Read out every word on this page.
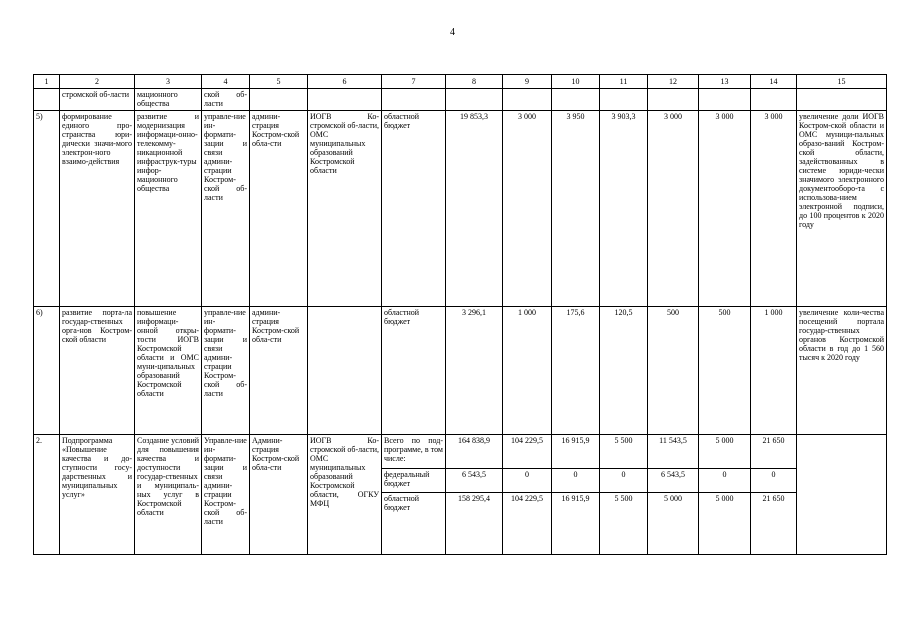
4
1	2	3	4	5	6	7	8	9	10	11	12	13	14	15
	стромской об-ласти	мационного общества	ской об-ласти											
5)	формирование единого про-странства юри-дически значи-мого электрон-ного взаимо-действия	развитие и модернизация информаци-онно-телекомму-никационной инфраструк-туры инфор-мационного общества	управле-ние ин-формати-зации и связи админи-страции Костром-ской об-ласти	админи-страция Костром-ской обла-сти	ИОГВ Ко-стромской об-ласти, ОМС муниципальных образований Костромской области	областной бюджет	19 853,3	3 000	3 950	3 903,3	3 000	3 000	3 000	увеличение доли ИОГВ Костром-ской области и ОМС муници-пальных образо-ваний Костром-ской области, задействованных в системе юриди-чески значимого электронного документооборо-та с использова-нием электронной подписи, до 100 процентов к 2020 году
6)	развитие порта-ла государ-ственных орга-нов Костром-ской области	повышение информаци-онной откры-тости ИОГВ Костромской области и ОМС муни-ципальных образований Костромской области	управле-ние ин-формати-зации и связи админи-страции Костром-ской об-ласти	админи-страция Костром-ской обла-сти		областной бюджет	3 296,1	1 000	175,6	120,5	500	500	1 000	увеличение коли-чества посещений портала государ-ственных органов Костромской области в год до 1 560 тысяч к 2020 году
2.	Подпрограмма «Повышение качества и до-ступности госу-дарственных и муниципальных услуг»	Создание условий для повышения качества и доступности государ-ственных и муниципаль-ных услуг в Костромской области	Управле-ние ин-формати-зации и связи админи-страции Костром-ской об-ласти	Админи-страция Костром-ской обла-сти	ИОГВ Ко-стромской об-ласти, ОМС муниципальных образований Костромской области, ОГКУ МФЦ	Всего по под-программе, в том числе:	164 838,9	104 229,5	16 915,9	5 500	11 543,5	5 000	21 650	
						федеральный бюджет	6 543,5	0	0	0	6 543,5	0	0	
						областной бюджет	158 295,4	104 229,5	16 915,9	5 500	5 000	5 000	21 650	
